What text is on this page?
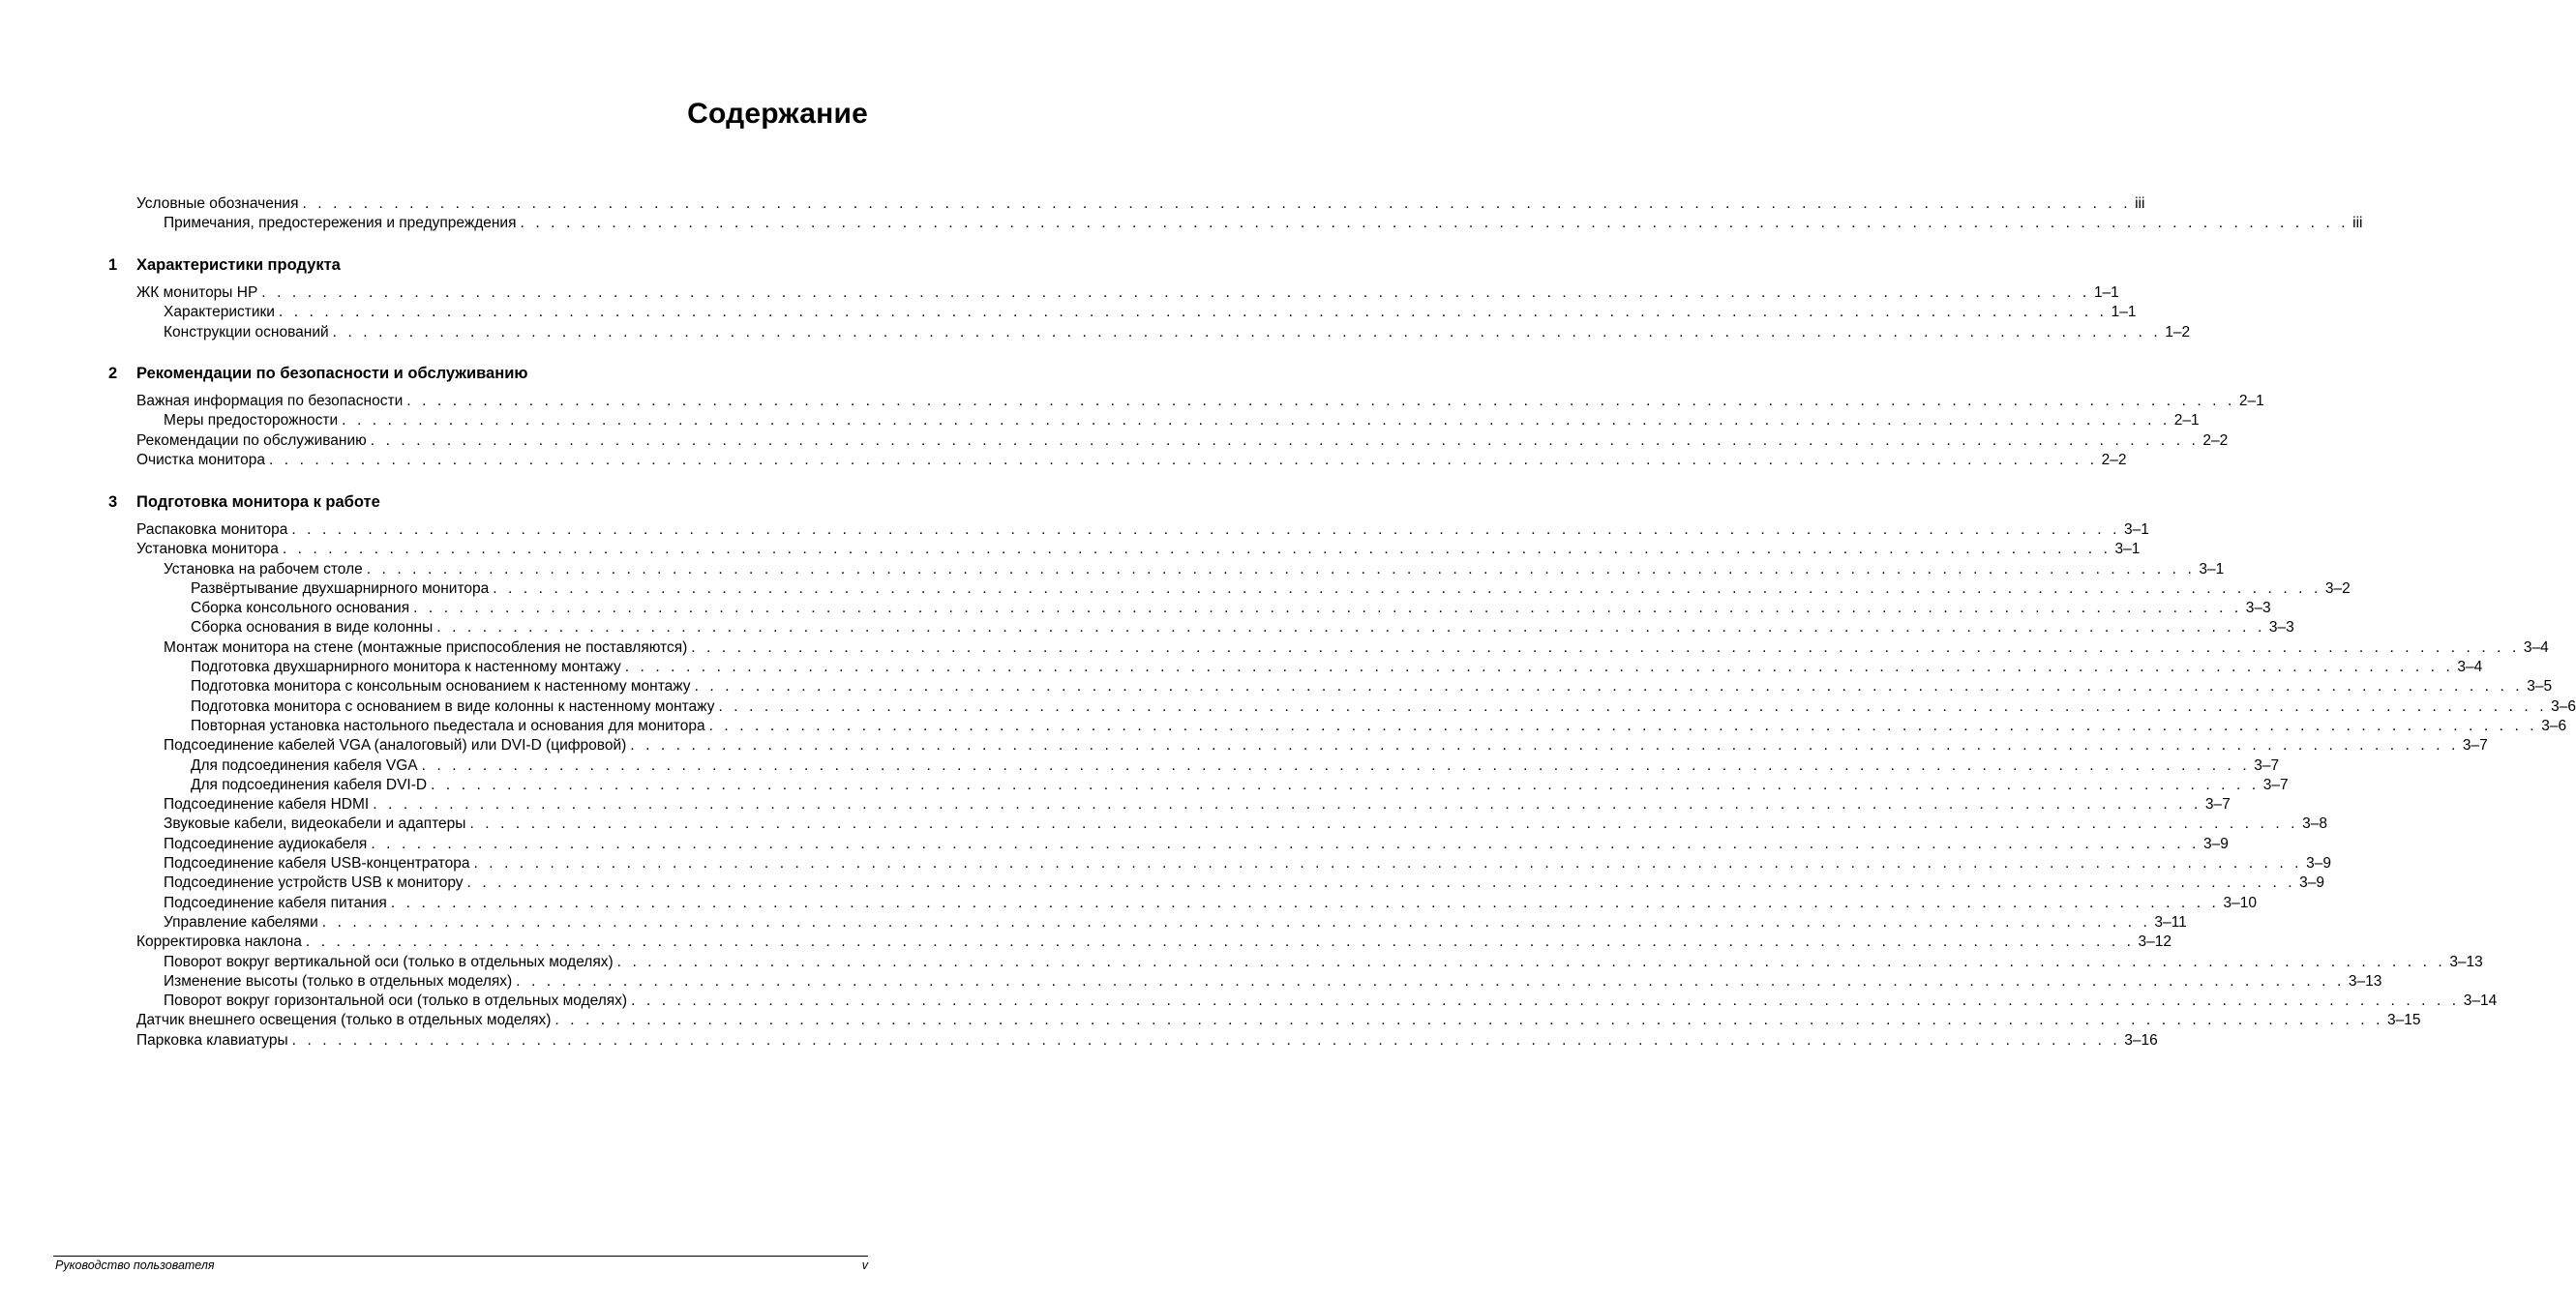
Содержание
Условные обозначения . . . . . . . . . . . . . . . . . . . . . . . . . . . . . . . . . . . . . . . . . . . . . . . . . . . . . . . . . . . . . . . . . . . . . . . . . . . . . . . . . . . . . . . . . . . . . . . . . . . . . . . . . . . . . . . . . . . . . . . . iii
Примечания, предостережения и предупреждения . . . . . . . . . . . . . . . . . . . . . . . . . . . . . . . . . . . . . . . . . . . . . . . . . . . . . . . . . . . . . . . . . . . . . . . . . . . . . . . . . . . . . . . . . . . . . . . . . . . . . . . . . . . . . . . . . . . . . . . . iii
1 Характеристики продукта
ЖК мониторы HP . . . . . . . . . . . . . . . . . . . . . . . . . . . . . . . . . . . . . . . . . . . . . . . . . . . . . . . . . . . . . . . . . . . . . . . . . . . . . . . . . . . . . . . . . . . . . . . . . . . . . . . . . . . . . . . . . . . . . . . . 1–1
Характеристики . . . . . . . . . . . . . . . . . . . . . . . . . . . . . . . . . . . . . . . . . . . . . . . . . . . . . . . . . . . . . . . . . . . . . . . . . . . . . . . . . . . . . . . . . . . . . . . . . . . . . . . . . . . . . . . . . . . . . . . . 1–1
Конструкции оснований . . . . . . . . . . . . . . . . . . . . . . . . . . . . . . . . . . . . . . . . . . . . . . . . . . . . . . . . . . . . . . . . . . . . . . . . . . . . . . . . . . . . . . . . . . . . . . . . . . . . . . . . . . . . . . . . . . . . . . . . 1–2
2 Рекомендации по безопасности и обслуживанию
Важная информация по безопасности . . . . . . . . . . . . . . . . . . . . . . . . . . . . . . . . . . . . . . . . . . . . . . . . . . . . . . . . . . . . . . . . . . . . . . . . . . . . . . . . . . . . . . . . . . . . . . . . . . . . . . . . . . . . . . . . . . . . . . . . 2–1
Меры предосторожности . . . . . . . . . . . . . . . . . . . . . . . . . . . . . . . . . . . . . . . . . . . . . . . . . . . . . . . . . . . . . . . . . . . . . . . . . . . . . . . . . . . . . . . . . . . . . . . . . . . . . . . . . . . . . . . . . . . . . . . . 2–1
Рекомендации по обслуживанию . . . . . . . . . . . . . . . . . . . . . . . . . . . . . . . . . . . . . . . . . . . . . . . . . . . . . . . . . . . . . . . . . . . . . . . . . . . . . . . . . . . . . . . . . . . . . . . . . . . . . . . . . . . . . . . . . . . . . . . . 2–2
Очистка монитора . . . . . . . . . . . . . . . . . . . . . . . . . . . . . . . . . . . . . . . . . . . . . . . . . . . . . . . . . . . . . . . . . . . . . . . . . . . . . . . . . . . . . . . . . . . . . . . . . . . . . . . . . . . . . . . . . . . . . . . . 2–2
3 Подготовка монитора к работе
Распаковка монитора . . . . . . . . . . . . . . . . . . . . . . . . . . . . . . . . . . . . . . . . . . . . . . . . . . . . . . . . . . . . . . . . . . . . . . . . . . . . . . . . . . . . . . . . . . . . . . . . . . . . . . . . . . . . . . . . . . . . . . . . 3–1
Установка монитора . . . . . . . . . . . . . . . . . . . . . . . . . . . . . . . . . . . . . . . . . . . . . . . . . . . . . . . . . . . . . . . . . . . . . . . . . . . . . . . . . . . . . . . . . . . . . . . . . . . . . . . . . . . . . . . . . . . . . . . . 3–1
Установка на рабочем столе . . . . . . . . . . . . . . . . . . . . . . . . . . . . . . . . . . . . . . . . . . . . . . . . . . . . . . . . . . . . . . . . . . . . . . . . . . . . . . . . . . . . . . . . . . . . . . . . . . . . . . . . . . . . . . . . . . . . . . . . 3–1
Развёртывание двухшарнирного монитора . . . . . . . . . . . . . . . . . . . . . . . . . . . . . . . . . . . . . . . . . . . . . . . . . . . . . . . . . . . . . . . . . . . . . . . . . . . . . . . . . . . . . . . . . . . . . . . . . . . . . . . . . . . . . . . . . . . . . . . . 3–2
Сборка консольного основания . . . . . . . . . . . . . . . . . . . . . . . . . . . . . . . . . . . . . . . . . . . . . . . . . . . . . . . . . . . . . . . . . . . . . . . . . . . . . . . . . . . . . . . . . . . . . . . . . . . . . . . . . . . . . . . . . . . . . . . . 3–3
Сборка основания в виде колонны . . . . . . . . . . . . . . . . . . . . . . . . . . . . . . . . . . . . . . . . . . . . . . . . . . . . . . . . . . . . . . . . . . . . . . . . . . . . . . . . . . . . . . . . . . . . . . . . . . . . . . . . . . . . . . . . . . . . . . . . 3–3
Монтаж монитора на стене (монтажные приспособления не поставляются) . . . . . . . . . . . . . . . . . . . . . . . . . . . . . . . . . . . . . . . . . . . . . . . . . . . . . . . . . . . . . . . . . . . . . . . . . . . . . . . . . . . . . . . . . . . . . . . . . . . . . . . . . . . . . . . . . . . . . . . . 3–4
Подготовка двухшарнирного монитора к настенному монтажу . . . . . . . . . . . . . . . . . . . . . . . . . . . . . . . . . . . . . . . . . . . . . . . . . . . . . . . . . . . . . . . . . . . . . . . . . . . . . . . . . . . . . . . . . . . . . . . . . . . . . . . . . . . . . . . . . . . . . . . . 3–4
Подготовка монитора с консольным основанием к настенному монтажу . . . . . . . . . . . . . . . . . . . . . . . . . . . . . . . . . . . . . . . . . . . . . . . . . . . . . . . . . . . . . . . . . . . . . . . . . . . . . . . . . . . . . . . . . . . . . . . . . . . . . . . . . . . . . . . . . . . . . . . . 3–5
Подготовка монитора с основанием в виде колонны к настенному монтажу . . . . . . . . . . . . . . . . . . . . . . . . . . . . . . . . . . . . . . . . . . . . . . . . . . . . . . . . . . . . . . . . . . . . . . . . . . . . . . . . . . . . . . . . . . . . . . . . . . . . . . . . . . . . . . . . . . . . . . . . 3–6
Повторная установка настольного пьедестала и основания для монитора . . . . . . . . . . . . . . . . . . . . . . . . . . . . . . . . . . . . . . . . . . . . . . . . . . . . . . . . . . . . . . . . . . . . . . . . . . . . . . . . . . . . . . . . . . . . . . . . . . . . . . . . . . . . . . . . . . . . . . . . 3–6
Подсоединение кабелей VGA (аналоговый) или DVI-D (цифровой) . . . . . . . . . . . . . . . . . . . . . . . . . . . . . . . . . . . . . . . . . . . . . . . . . . . . . . . . . . . . . . . . . . . . . . . . . . . . . . . . . . . . . . . . . . . . . . . . . . . . . . . . . . . . . . . . . . . . . . . . 3–7
Для подсоединения кабеля VGA . . . . . . . . . . . . . . . . . . . . . . . . . . . . . . . . . . . . . . . . . . . . . . . . . . . . . . . . . . . . . . . . . . . . . . . . . . . . . . . . . . . . . . . . . . . . . . . . . . . . . . . . . . . . . . . . . . . . . . . . 3–7
Для подсоединения кабеля DVI-D . . . . . . . . . . . . . . . . . . . . . . . . . . . . . . . . . . . . . . . . . . . . . . . . . . . . . . . . . . . . . . . . . . . . . . . . . . . . . . . . . . . . . . . . . . . . . . . . . . . . . . . . . . . . . . . . . . . . . . . . 3–7
Подсоединение кабеля HDMI . . . . . . . . . . . . . . . . . . . . . . . . . . . . . . . . . . . . . . . . . . . . . . . . . . . . . . . . . . . . . . . . . . . . . . . . . . . . . . . . . . . . . . . . . . . . . . . . . . . . . . . . . . . . . . . . . . . . . . . . 3–7
Звуковые кабели, видеокабели и адаптеры . . . . . . . . . . . . . . . . . . . . . . . . . . . . . . . . . . . . . . . . . . . . . . . . . . . . . . . . . . . . . . . . . . . . . . . . . . . . . . . . . . . . . . . . . . . . . . . . . . . . . . . . . . . . . . . . . . . . . . . . 3–8
Подсоединение аудиокабеля . . . . . . . . . . . . . . . . . . . . . . . . . . . . . . . . . . . . . . . . . . . . . . . . . . . . . . . . . . . . . . . . . . . . . . . . . . . . . . . . . . . . . . . . . . . . . . . . . . . . . . . . . . . . . . . . . . . . . . . . 3–9
Подсоединение кабеля USB-концентратора . . . . . . . . . . . . . . . . . . . . . . . . . . . . . . . . . . . . . . . . . . . . . . . . . . . . . . . . . . . . . . . . . . . . . . . . . . . . . . . . . . . . . . . . . . . . . . . . . . . . . . . . . . . . . . . . . . . . . . . . 3–9
Подсоединение устройств USB к монитору . . . . . . . . . . . . . . . . . . . . . . . . . . . . . . . . . . . . . . . . . . . . . . . . . . . . . . . . . . . . . . . . . . . . . . . . . . . . . . . . . . . . . . . . . . . . . . . . . . . . . . . . . . . . . . . . . . . . . . . . 3–9
Подсоединение кабеля питания . . . . . . . . . . . . . . . . . . . . . . . . . . . . . . . . . . . . . . . . . . . . . . . . . . . . . . . . . . . . . . . . . . . . . . . . . . . . . . . . . . . . . . . . . . . . . . . . . . . . . . . . . . . . . . . . . . . . . . . . 3–10
Управление кабелями . . . . . . . . . . . . . . . . . . . . . . . . . . . . . . . . . . . . . . . . . . . . . . . . . . . . . . . . . . . . . . . . . . . . . . . . . . . . . . . . . . . . . . . . . . . . . . . . . . . . . . . . . . . . . . . . . . . . . . . . 3–11
Корректировка наклона . . . . . . . . . . . . . . . . . . . . . . . . . . . . . . . . . . . . . . . . . . . . . . . . . . . . . . . . . . . . . . . . . . . . . . . . . . . . . . . . . . . . . . . . . . . . . . . . . . . . . . . . . . . . . . . . . . . . . . . . 3–12
Поворот вокруг вертикальной оси (только в отдельных моделях) . . . . . . . . . . . . . . . . . . . . . . . . . . . . . . . . . . . . . . . . . . . . . . . . . . . . . . . . . . . . . . . . . . . . . . . . . . . . . . . . . . . . . . . . . . . . . . . . . . . . . . . . . . . . . . . . . . . . . . . . 3–13
Изменение высоты (только в отдельных моделях) . . . . . . . . . . . . . . . . . . . . . . . . . . . . . . . . . . . . . . . . . . . . . . . . . . . . . . . . . . . . . . . . . . . . . . . . . . . . . . . . . . . . . . . . . . . . . . . . . . . . . . . . . . . . . . . . . . . . . . . . 3–13
Поворот вокруг горизонтальной оси (только в отдельных моделях) . . . . . . . . . . . . . . . . . . . . . . . . . . . . . . . . . . . . . . . . . . . . . . . . . . . . . . . . . . . . . . . . . . . . . . . . . . . . . . . . . . . . . . . . . . . . . . . . . . . . . . . . . . . . . . . . . . . . . . . . 3–14
Датчик внешнего освещения (только в отдельных моделях) . . . . . . . . . . . . . . . . . . . . . . . . . . . . . . . . . . . . . . . . . . . . . . . . . . . . . . . . . . . . . . . . . . . . . . . . . . . . . . . . . . . . . . . . . . . . . . . . . . . . . . . . . . . . . . . . . . . . . . . . 3–15
Парковка клавиатуры . . . . . . . . . . . . . . . . . . . . . . . . . . . . . . . . . . . . . . . . . . . . . . . . . . . . . . . . . . . . . . . . . . . . . . . . . . . . . . . . . . . . . . . . . . . . . . . . . . . . . . . . . . . . . . . . . . . . . . . . 3–16
Руководство пользователя	v
